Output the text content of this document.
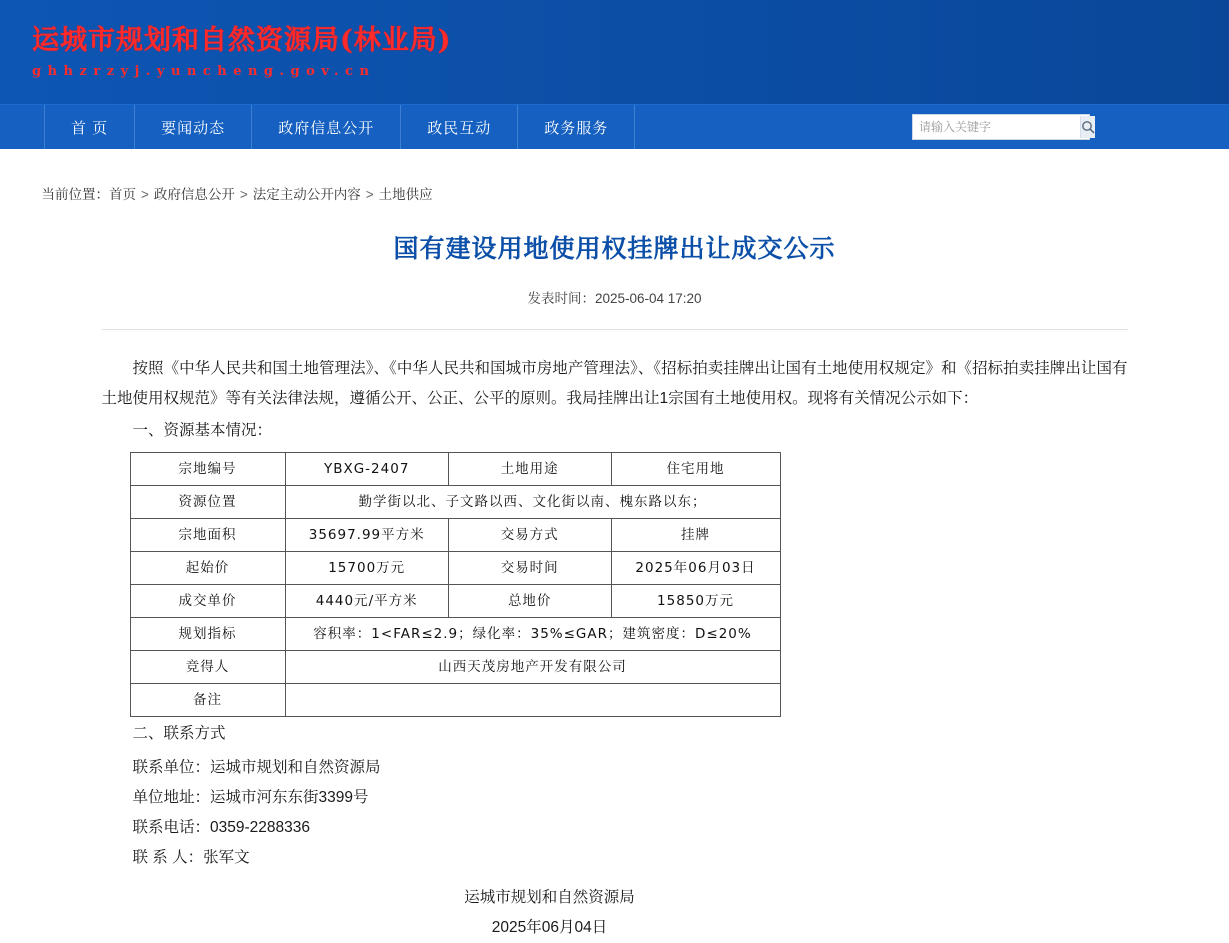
运城市规划和自然资源局(林业局)
ghhzrzyj.yuncheng.gov.cn
首 页	要闻动态	政府信息公开	政民互动	政务服务
请输入关键字
当前位置：首页 > 政府信息公开 > 法定主动公开内容 > 土地供应
国有建设用地使用权挂牌出让成交公示
发表时间：2025-06-04 17:20
按照《中华人民共和国土地管理法》、《中华人民共和国城市房地产管理法》、《招标拍卖挂牌出让国有土地使用权规定》和《招标拍卖挂牌出让国有土地使用权规范》等有关法律法规，遵循公开、公正、公平的原则。我局挂牌出让1宗国有土地使用权。现将有关情况公示如下：
一、资源基本情况：
宗地编号	YBXG-2407	土地用途	住宅用地
资源位置	勤学街以北、子文路以西、文化街以南、槐东路以东；		
宗地面积	35697.99平方米	交易方式	挂牌
起始价	15700万元	交易时间	2025年06月03日
成交单价	4440元/平方米	总地价	15850万元
规划指标	容积率：1<FAR≤2.9；绿化率：35%≤GAR；建筑密度：D≤20%		
竞得人	山西天茂房地产开发有限公司		
备注			
二、联系方式
联系单位：运城市规划和自然资源局
单位地址：运城市河东东街3399号
联系电话：0359-2288336
联 系 人：张军文
运城市规划和自然资源局
2025年06月04日
